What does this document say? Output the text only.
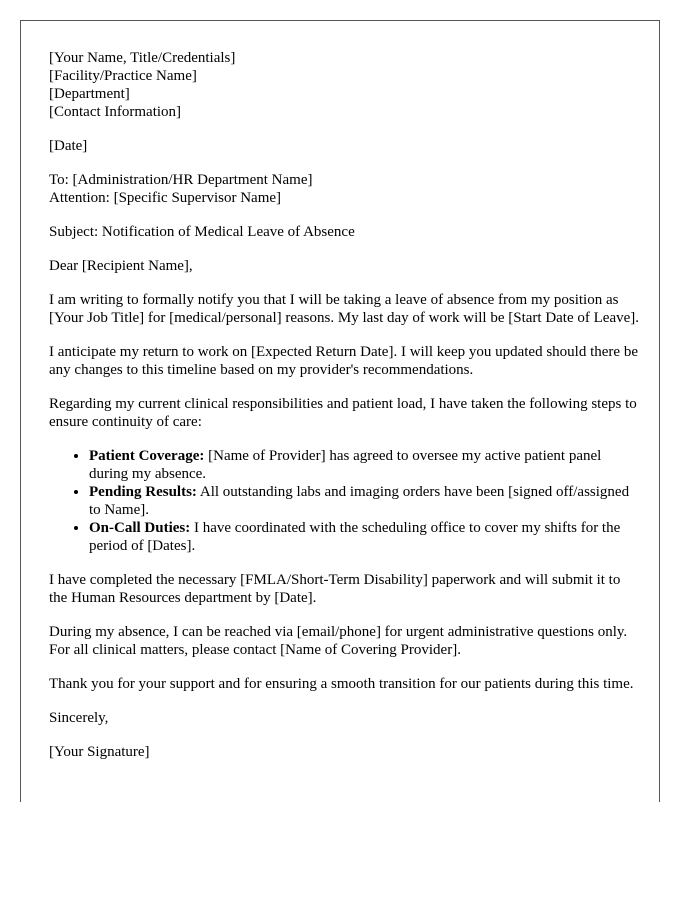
[Your Name, Title/Credentials]
[Facility/Practice Name]
[Department]
[Contact Information]

[Date]

To: [Administration/HR Department Name]
Attention: [Specific Supervisor Name]

Subject: Notification of Medical Leave of Absence

Dear [Recipient Name],

I am writing to formally notify you that I will be taking a leave of absence from my position as [Your Job Title] for [medical/personal] reasons. My last day of work will be [Start Date of Leave].

I anticipate my return to work on [Expected Return Date]. I will keep you updated should there be any changes to this timeline based on my provider's recommendations.

Regarding my current clinical responsibilities and patient load, I have taken the following steps to ensure continuity of care:

• Patient Coverage: [Name of Provider] has agreed to oversee my active patient panel during my absence.
• Pending Results: All outstanding labs and imaging orders have been [signed off/assigned to Name].
• On-Call Duties: I have coordinated with the scheduling office to cover my shifts for the period of [Dates].

I have completed the necessary [FMLA/Short-Term Disability] paperwork and will submit it to the Human Resources department by [Date].

During my absence, I can be reached via [email/phone] for urgent administrative questions only. For all clinical matters, please contact [Name of Covering Provider].

Thank you for your support and for ensuring a smooth transition for our patients during this time.

Sincerely,

[Your Signature]
